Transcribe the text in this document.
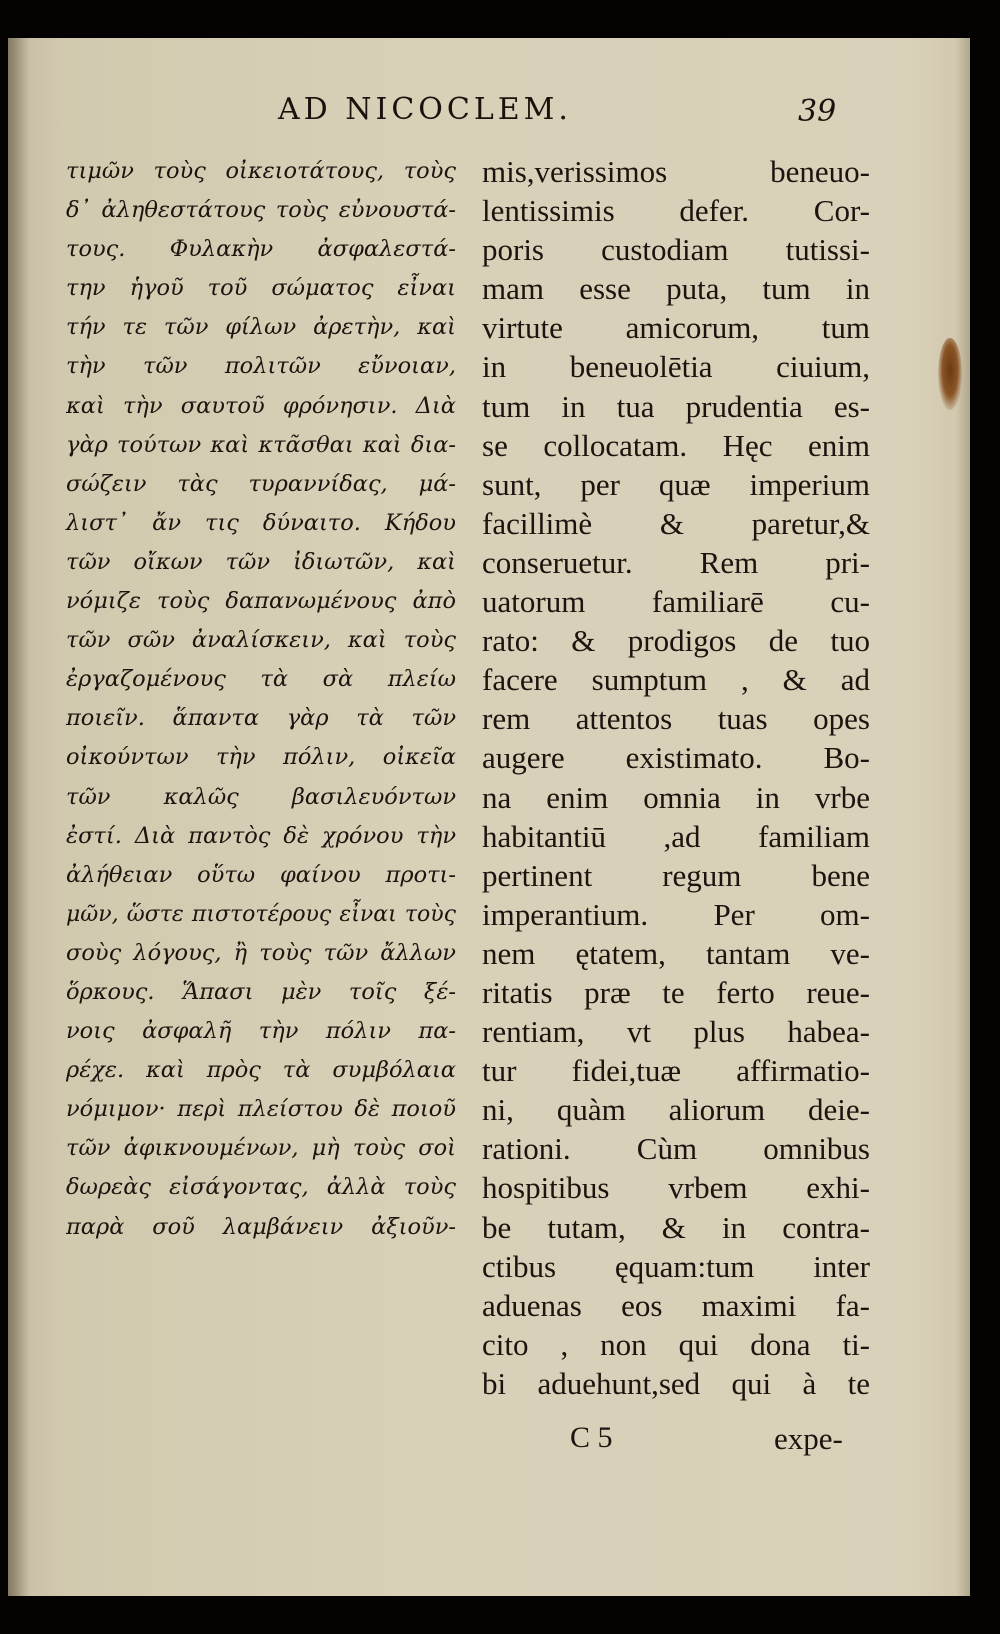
AD NICOCLEM.	39
τιμῶν τοὺς οἰκειοτάτους, τοὺς
δ᾽ ἀληθεστάτους τοὺς εὐνουστά-
τους. Φυλακὴν ἀσφαλεστά-
την ἡγοῦ τοῦ σώματος εἶναι
τήν τε τῶν φίλων ἀρετὴν, καὶ
τὴν τῶν πολιτῶν εὔνοιαν,
καὶ τὴν σαυτοῦ φρόνησιν. Διὰ
γὰρ τούτων καὶ κτᾶσθαι καὶ δια-
σώζειν τὰς τυραννίδας, μά-
λιστ᾽ ἄν τις δύναιτο. Κήδου
τῶν οἴκων τῶν ἰδιωτῶν, καὶ
νόμιζε τοὺς δαπανωμένους ἀπὸ
τῶν σῶν ἀναλίσκειν, καὶ τοὺς
ἐργαζομένους τὰ σὰ πλείω
ποιεῖν. ἅπαντα γὰρ τὰ τῶν
οἰκούντων τὴν πόλιν, οἰκεῖα
τῶν καλῶς βασιλευόντων
ἐστί. Διὰ παντὸς δὲ χρόνου τὴν
ἀλήθειαν οὕτω φαίνου προτι-
μῶν, ὥστε πιστοτέρους εἶναι τοὺς
σοὺς λόγους, ἢ τοὺς τῶν ἄλλων
ὅρκους. Ἅπασι μὲν τοῖς ξέ-
νοις ἀσφαλῆ τὴν πόλιν πα-
ρέχε. καὶ πρὸς τὰ συμβόλαια
νόμιμον· περὶ πλείστου δὲ ποιοῦ
τῶν ἀφικνουμένων, μὴ τοὺς σοὶ
δωρεὰς εἰσάγοντας, ἀλλὰ τοὺς
παρὰ σοῦ λαμβάνειν ἀξιοῦν-
mis,verissimos beneuo-
lentissimis defer. Cor-
poris custodiam tutissi-
mam esse puta, tum in
virtute amicorum, tum
in beneuolētia ciuium,
tum in tua prudentia es-
se collocatam. Hęc enim
sunt, per quæ imperium
facillimè & paretur,&
conseruetur. Rem pri-
uatorum familiarē cu-
rato: & prodigos de tuo
facere sumptum , & ad
rem attentos tuas opes
augere existimato. Bo-
na enim omnia in vrbe
habitantiū ,ad familiam
pertinent regum bene
imperantium. Per om-
nem ętatem, tantam ve-
ritatis præ te ferto reue-
rentiam, vt plus habea-
tur fidei,tuæ affirmatio-
ni, quàm aliorum deie-
rationi. Cùm omnibus
hospitibus vrbem exhi-
be tutam, & in contra-
ctibus ęquam:tum inter
aduenas eos maximi fa-
cito , non qui dona ti-
bi aduehunt,sed qui à te
C 5	expe-
